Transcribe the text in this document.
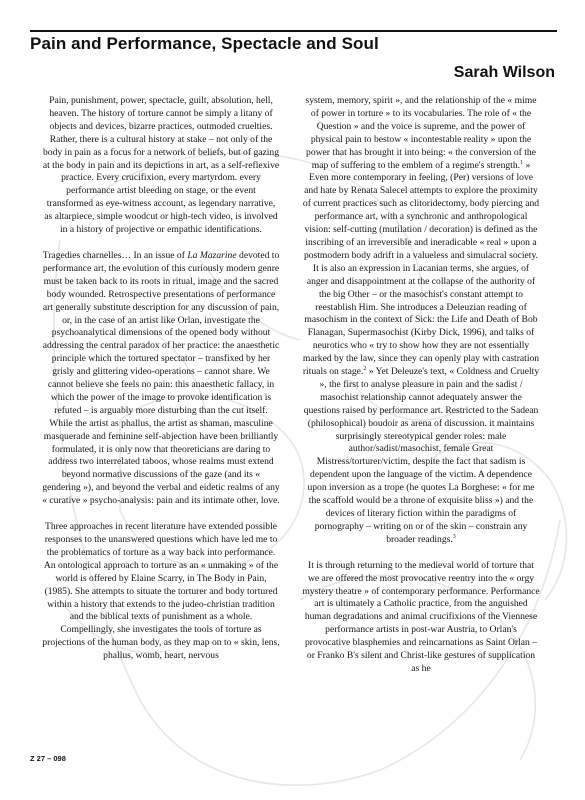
Pain and Performance, Spectacle and Soul
Sarah Wilson

Pain, punishment, power, spectacle, guilt, absolution, hell, heaven. The history of torture cannot be simply a litany of objects and devices, bizarre practices, outmoded cruelties. Rather, there is a cultural history at stake – not only of the body in pain as a focus for a network of beliefs, but of gazing at the body in pain and its depictions in art, as a self-reflexive practice. Every crucifixion, every martyrdom. every performance artist bleeding on stage, or the event transformed as eye-witness account, as legendary narrative, as altarpiece, simple woodcut or high-tech video, is involved in a history of projective or empathic identifications.

Tragedies charnelles… In an issue of La Mazarine devoted to performance art, the evolution of this curiously modern genre must be taken back to its roots in ritual, image and the sacred body wounded. Retrospective presentations of performance art generally substitute description for any discussion of pain, or, in the case of an artist like Orlan, investigate the psychoanalytical dimensions of the opened body without addressing the central paradox of her practice: the anaesthetic principle which the tortured spectator – transfixed by her grisly and glittering video-operations – cannot share. We cannot believe she feels no pain: this anaesthetic fallacy, in which the power of the image to provoke identification is refuted – is arguably more disturbing than the cut itself. While the artist as phallus, the artist as shaman, masculine masquerade and feminine self-abjection have been brilliantly formulated, it is only now that theoreticians are daring to address two interrelated taboos, whose realms must extend beyond normative discussions of the gaze (and its « gendering »), and beyond the verbal and eidetic realms of any « curative » psycho-analysis: pain and its intimate other, love.

Three approaches in recent literature have extended possible responses to the unanswered questions which have led me to the problematics of torture as a way back into performance. An ontological approach to torture as an « unmaking » of the world is offered by Elaine Scarry, in The Body in Pain, (1985). She attempts to situate the torturer and body tortured within a history that extends to the judeo-christian tradition and the biblical texts of punishment as a whole. Compellingly, she investigates the tools of torture as projections of the human body, as they map on to « skin, lens, phallus, womb, heart, nervous

system, memory, spirit », and the relationship of the « mime of power in torture » to its vocabularies. The role of « the Question » and the voice is supreme, and the power of physical pain to bestow « incontestable reality » upon the power that has brought it into being: « the conversion of the map of suffering to the emblem of a regime's strength.$^1$ » Even more contemporary in feeling, (Per) versions of love and hate by Renata Salecel attempts to explore the proximity of current practices such as clitoridectomy, body piercing and performance art, with a synchronic and anthropological vision: self-cutting (mutilation / decoration) is defined as the inscribing of an irreversible and ineradicable « real » upon a postmodern body adrift in a valueless and simulacral society. It is also an expression in Lacanian terms, she argues, of anger and disappointment at the collapse of the authority of the big Other – or the masochist's constant attempt to reestablish Him. She introduces a Deleuzian reading of masochism in the context of Sick: the Life and Death of Bob Flanagan, Supermasochist (Kirby Dick, 1996), and talks of neurotics who « try to show how they are not essentially marked by the law, since they can openly play with castration rituals on stage.$^2$ » Yet Deleuze's text, « Coldness and Cruelty », the first to analyse pleasure in pain and the sadist / masochist relationship cannot adequately answer the questions raised by performance art. Restricted to the Sadean (philosophical) boudoir as arena of discussion. it maintains surprisingly stereotypical gender roles: male author/sadist/masochist, female Great Mistress/torturer/victim, despite the fact that sadism is dependent upon the language of the victim. A dependence upon inversion as a trope (he quotes La Borghese: « for me the scaffold would be a throne of exquisite bliss ») and the devices of literary fiction within the paradigms of pornography – writing on or of the skin – constrain any broader readings.$^3$

It is through returning to the medieval world of torture that we are offered the most provocative reentry into the « orgy mystery theatre » of contemporary performance. Performance art is ultimately a Catholic practice, from the anguished human degradations and animal crucifixions of the Viennese performance artists in post-war Austria, to Orlan's provocative blasphemies and reincarnations as Saint Orlan – or Franko B's silent and Christ-like gestures of supplication as he

Z 27 – 098
